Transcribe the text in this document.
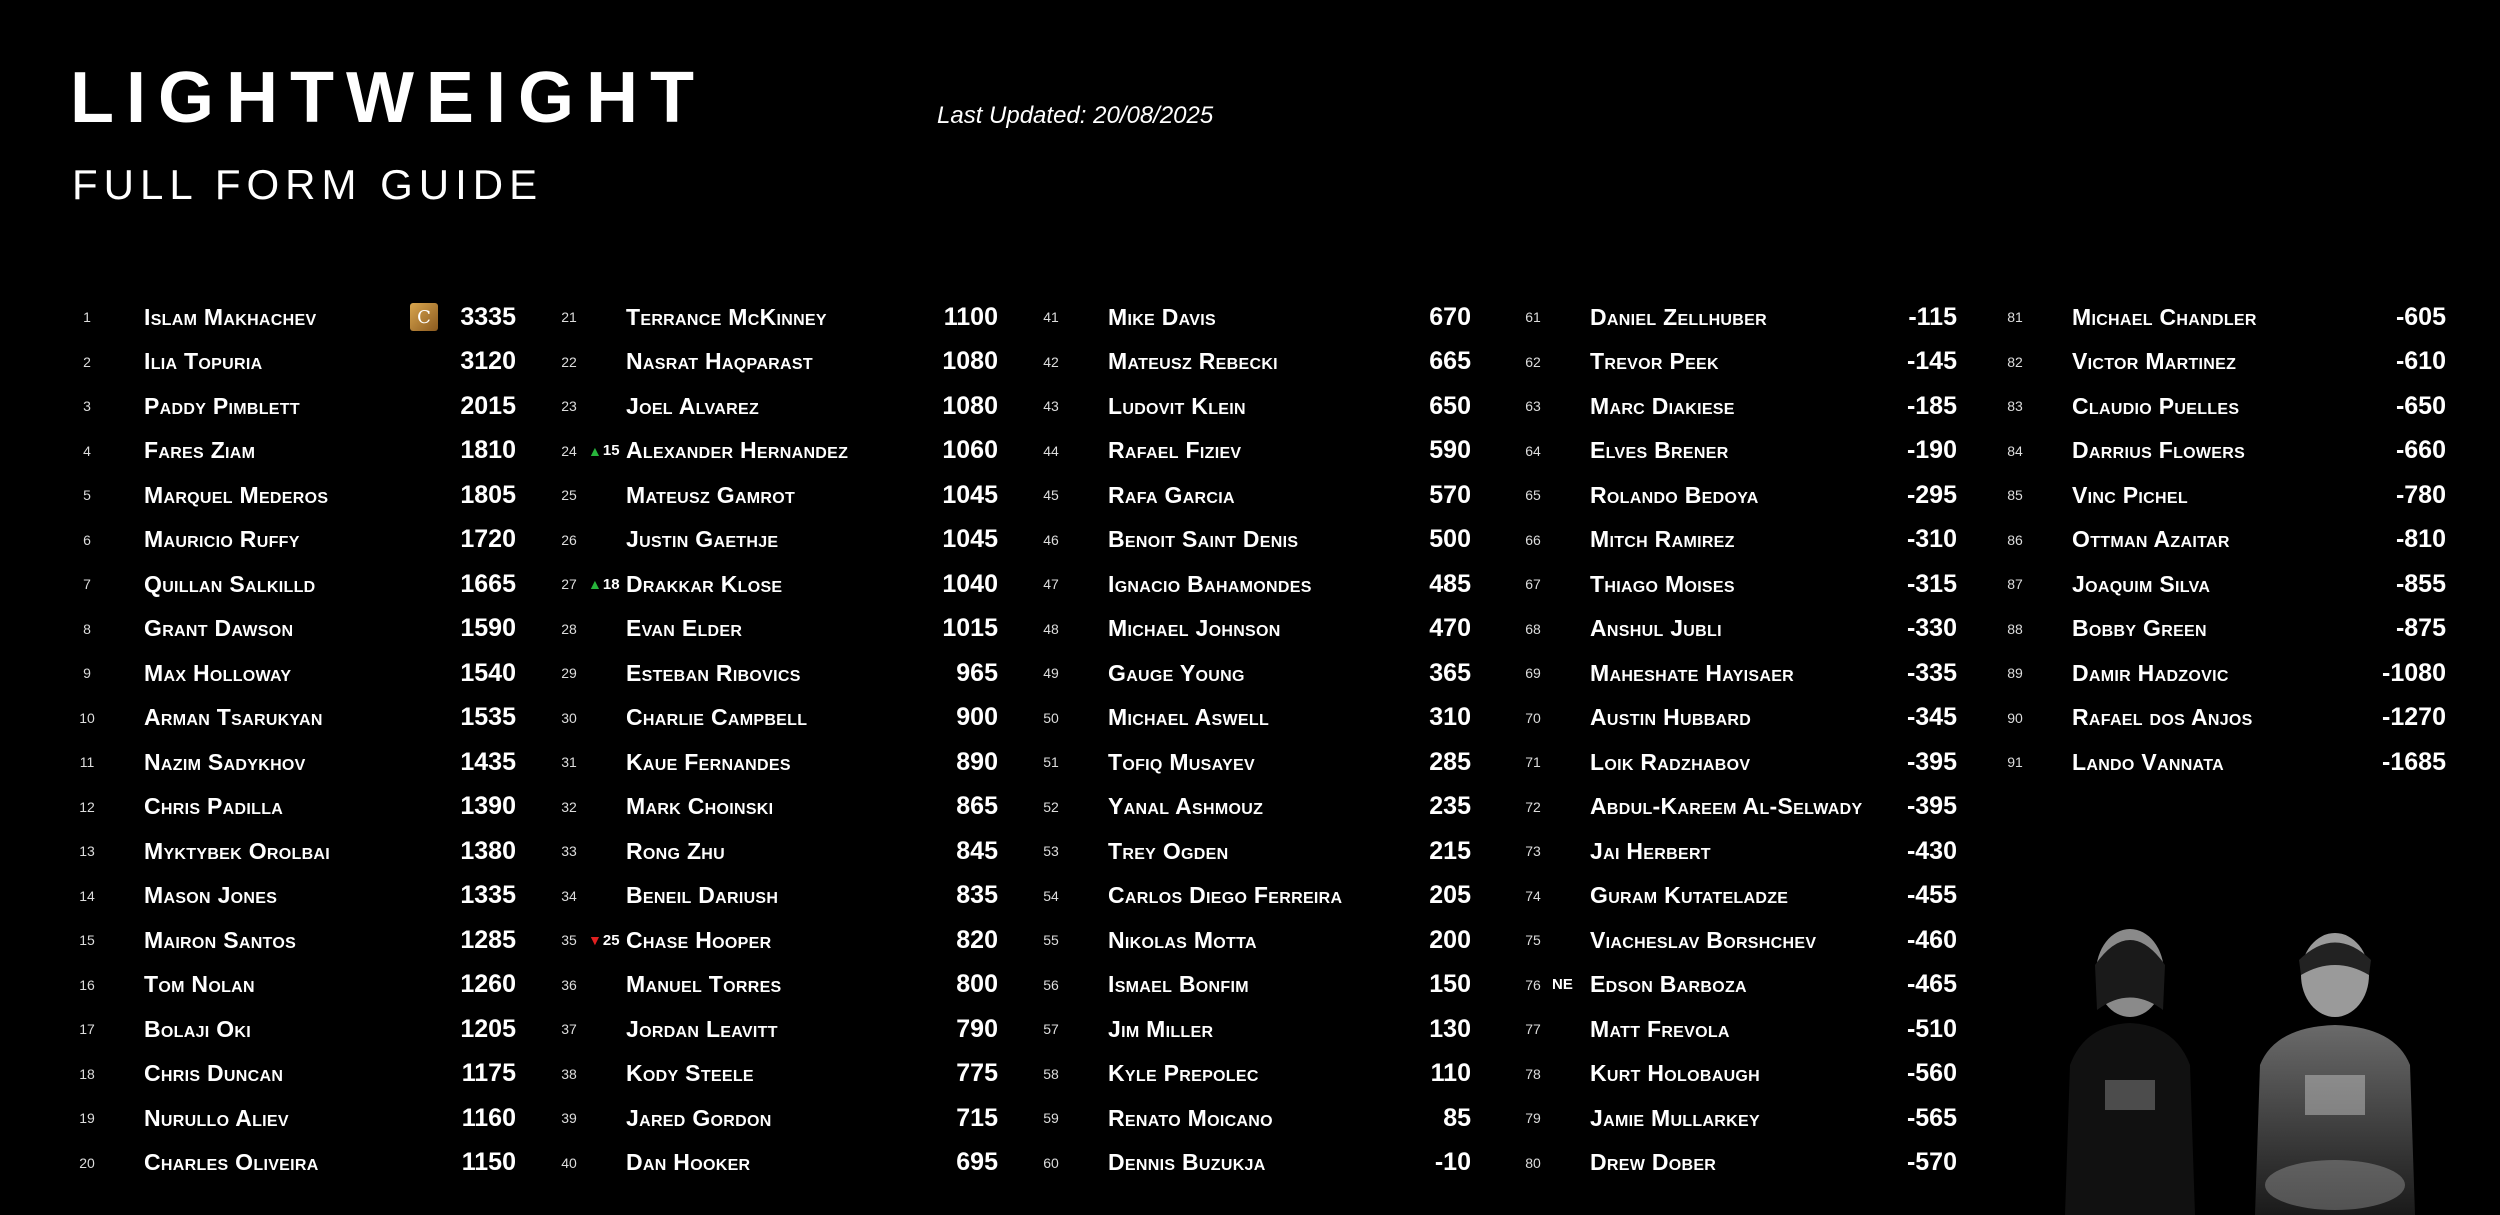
LIGHTWEIGHT
FULL FORM GUIDE
Last Updated: 20/08/2025
1	Islam Makhachev	C 3335
2	Ilia Topuria	3120
3	Paddy Pimblett	2015
4	Fares Ziam	1810
5	Marquel Mederos	1805
6	Mauricio Ruffy	1720
7	Quillan Salkilld	1665
8	Grant Dawson	1590
9	Max Holloway	1540
10	Arman Tsarukyan	1535
11	Nazim Sadykhov	1435
12	Chris Padilla	1390
13	Myktybek Orolbai	1380
14	Mason Jones	1335
15	Mairon Santos	1285
16	Tom Nolan	1260
17	Bolaji Oki	1205
18	Chris Duncan	1175
19	Nurullo Aliev	1160
20	Charles Oliveira	1150
21	Terrance McKinney	1100
22	Nasrat Haqparast	1080
23	Joel Alvarez	1080
24 ▲ 15 Alexander Hernandez	1060
25	Mateusz Gamrot	1045
26	Justin Gaethje	1045
27 ▲ 18 Drakkar Klose	1040
28	Evan Elder	1015
29	Esteban Ribovics	965
30	Charlie Campbell	900
31	Kaue Fernandes	890
32	Mark Choinski	865
33	Rong Zhu	845
34	Beneil Dariush	835
35 ▼ 25 Chase Hooper	820
36	Manuel Torres	800
37	Jordan Leavitt	790
38	Kody Steele	775
39	Jared Gordon	715
40	Dan Hooker	695
41	Mike Davis	670
42	Mateusz Rebecki	665
43	Ludovit Klein	650
44	Rafael Fiziev	590
45	Rafa Garcia	570
46	Benoit Saint Denis	500
47	Ignacio Bahamondes	485
48	Michael Johnson	470
49	Gauge Young	365
50	Michael Aswell	310
51	Tofiq Musayev	285
52	Yanal Ashmouz	235
53	Trey Ogden	215
54	Carlos Diego Ferreira	205
55	Nikolas Motta	200
56	Ismael Bonfim	150
57	Jim Miller	130
58	Kyle Prepolec	110
59	Renato Moicano	85
60	Dennis Buzukja	-10
61	Daniel Zellhuber	-115
62	Trevor Peek	-145
63	Marc Diakiese	-185
64	Elves Brener	-190
65	Rolando Bedoya	-295
66	Mitch Ramirez	-310
67	Thiago Moises	-315
68	Anshul Jubli	-330
69	Maheshate Hayisaer	-335
70	Austin Hubbard	-345
71	Loik Radzhabov	-395
72	Abdul-Kareem Al-Selwady -395
73	Jai Herbert	-430
74	Guram Kutateladze	-455
75	Viacheslav Borshchev	-460
76 NE Edson Barboza	-465
77	Matt Frevola	-510
78	Kurt Holobaugh	-560
79	Jamie Mullarkey	-565
80	Drew Dober	-570
81	Michael Chandler	-605
82	Victor Martinez	-610
83	Claudio Puelles	-650
84	Darrius Flowers	-660
85	Vinc Pichel	-780
86	Ottman Azaitar	-810
87	Joaquim Silva	-855
88	Bobby Green	-875
89	Damir Hadzovic	-1080
90	Rafael dos Anjos	-1270
91	Lando Vannata	-1685
